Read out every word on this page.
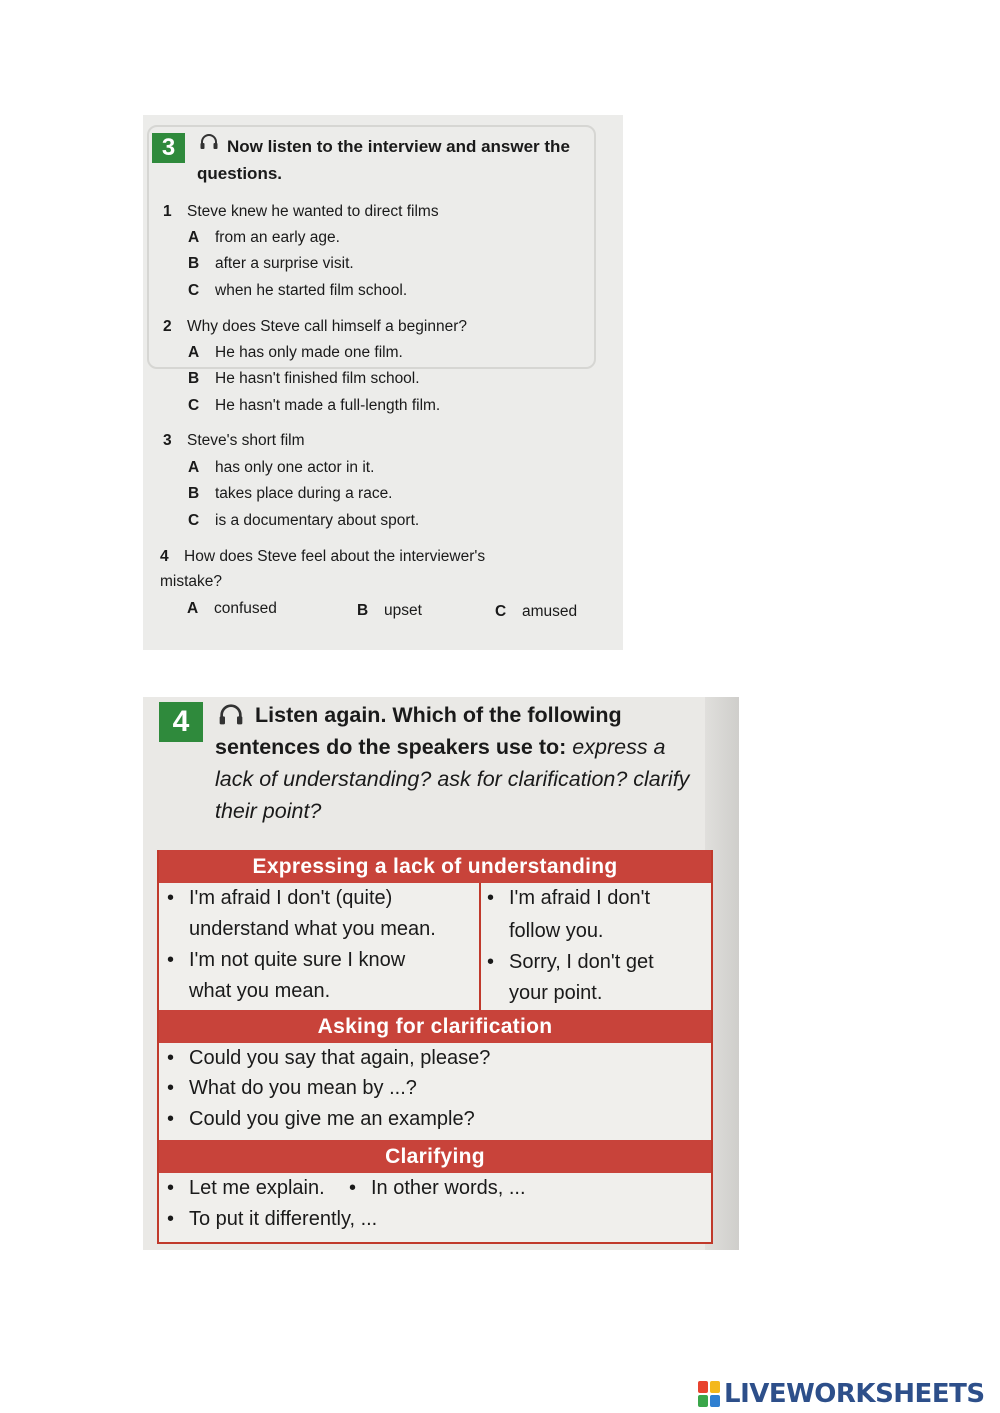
3	Now listen to the interview and answer the questions.
1 Steve knew he wanted to direct films
A from an early age.
B after a surprise visit.
C when he started film school.
2 Why does Steve call himself a beginner?
A He has only made one film.
B He hasn't finished film school.
C He hasn't made a full-length film.
3 Steve's short film
A has only one actor in it.
B takes place during a race.
C is a documentary about sport.
4 How does Steve feel about the interviewer's
mistake?
A confused	B upset	C amused
4	Listen again. Which of the following sentences do the speakers use to: express a lack of understanding? ask for clarification? clarify their point?
Expressing a lack of understanding
• I'm afraid I don't (quite)
understand what you mean.
• I'm not quite sure I know
what you mean.
• I'm afraid I don't
follow you.
• Sorry, I don't get
your point.
Asking for clarification
• Could you say that again, please?
• What do you mean by ...?
• Could you give me an example?
Clarifying
• Let me explain. • In other words, ...
• To put it differently, ...
LIVEWORKSHEETS
